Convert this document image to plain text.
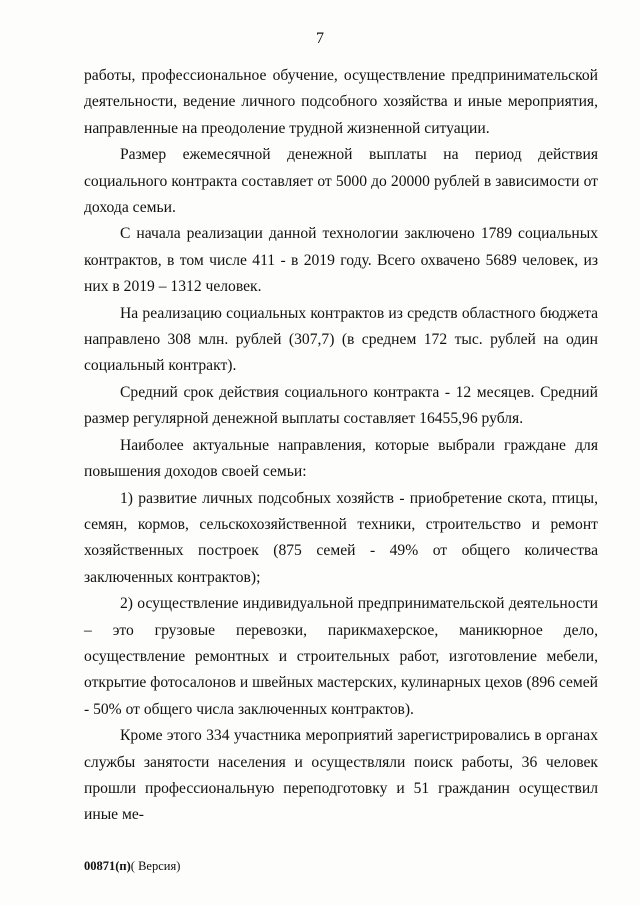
7

работы, профессиональное обучение, осуществление предпринимательской деятельности, ведение личного подсобного хозяйства и иные мероприятия, направленные на преодоление трудной жизненной ситуации.

Размер ежемесячной денежной выплаты на период действия социального контракта составляет от 5000 до 20000 рублей в зависимости от дохода семьи.

С начала реализации данной технологии заключено 1789 социальных контрактов, в том числе 411 - в 2019 году. Всего охвачено 5689 человек, из них в 2019 – 1312 человек.

На реализацию социальных контрактов из средств областного бюджета направлено 308 млн. рублей (307,7) (в среднем 172 тыс. рублей на один социальный контракт).

Средний срок действия социального контракта - 12 месяцев. Средний размер регулярной денежной выплаты составляет 16455,96 рубля.

Наиболее актуальные направления, которые выбрали граждане для повышения доходов своей семьи:

1) развитие личных подсобных хозяйств - приобретение скота, птицы, семян, кормов, сельскохозяйственной техники, строительство и ремонт хозяйственных построек (875 семей - 49% от общего количества заключенных контрактов);

2) осуществление индивидуальной предпринимательской деятельности – это грузовые перевозки, парикмахерское, маникюрное дело, осуществление ремонтных и строительных работ, изготовление мебели, открытие фотосалонов и швейных мастерских, кулинарных цехов (896 семей - 50% от общего числа заключенных контрактов).

Кроме этого 334 участника мероприятий зарегистрировались в органах службы занятости населения и осуществляли поиск работы, 36 человек прошли профессиональную переподготовку и 51 гражданин осуществил иные ме-

00871(п)( Версия)
